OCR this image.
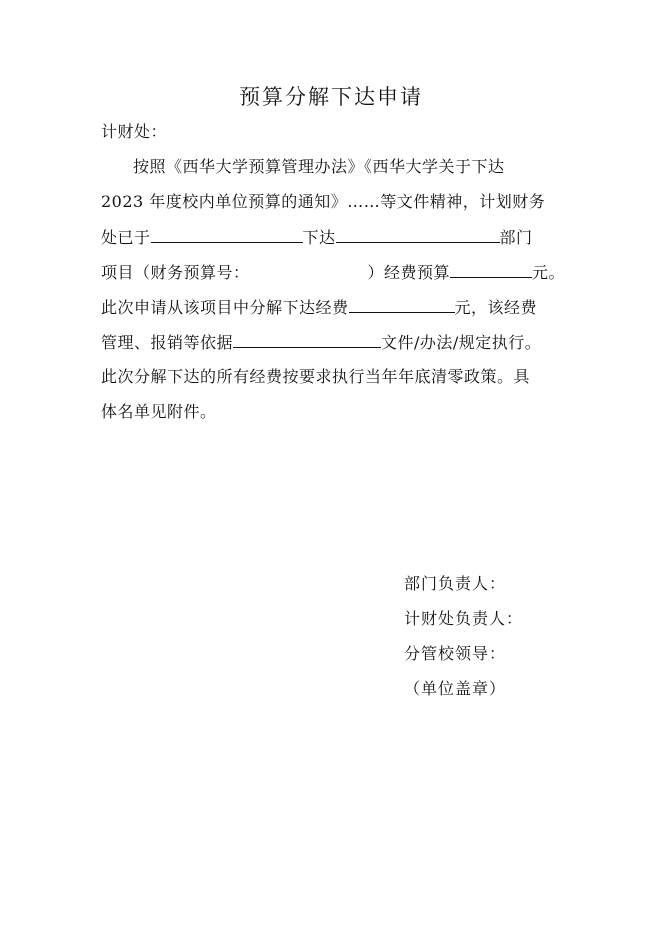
预算分解下达申请
计财处：
按照《西华大学预算管理办法》《西华大学关于下达
2023 年度校内单位预算的通知》……等文件精神，计划财务
处已于	下达	部门
项目（财务预算号：	）经费预算	元。
此次申请从该项目中分解下达经费	元，该经费
管理、报销等依据	文件/办法/规定执行。
此次分解下达的所有经费按要求执行当年年底清零政策。具
体名单见附件。
部门负责人：
计财处负责人：
分管校领导：
（单位盖章）
